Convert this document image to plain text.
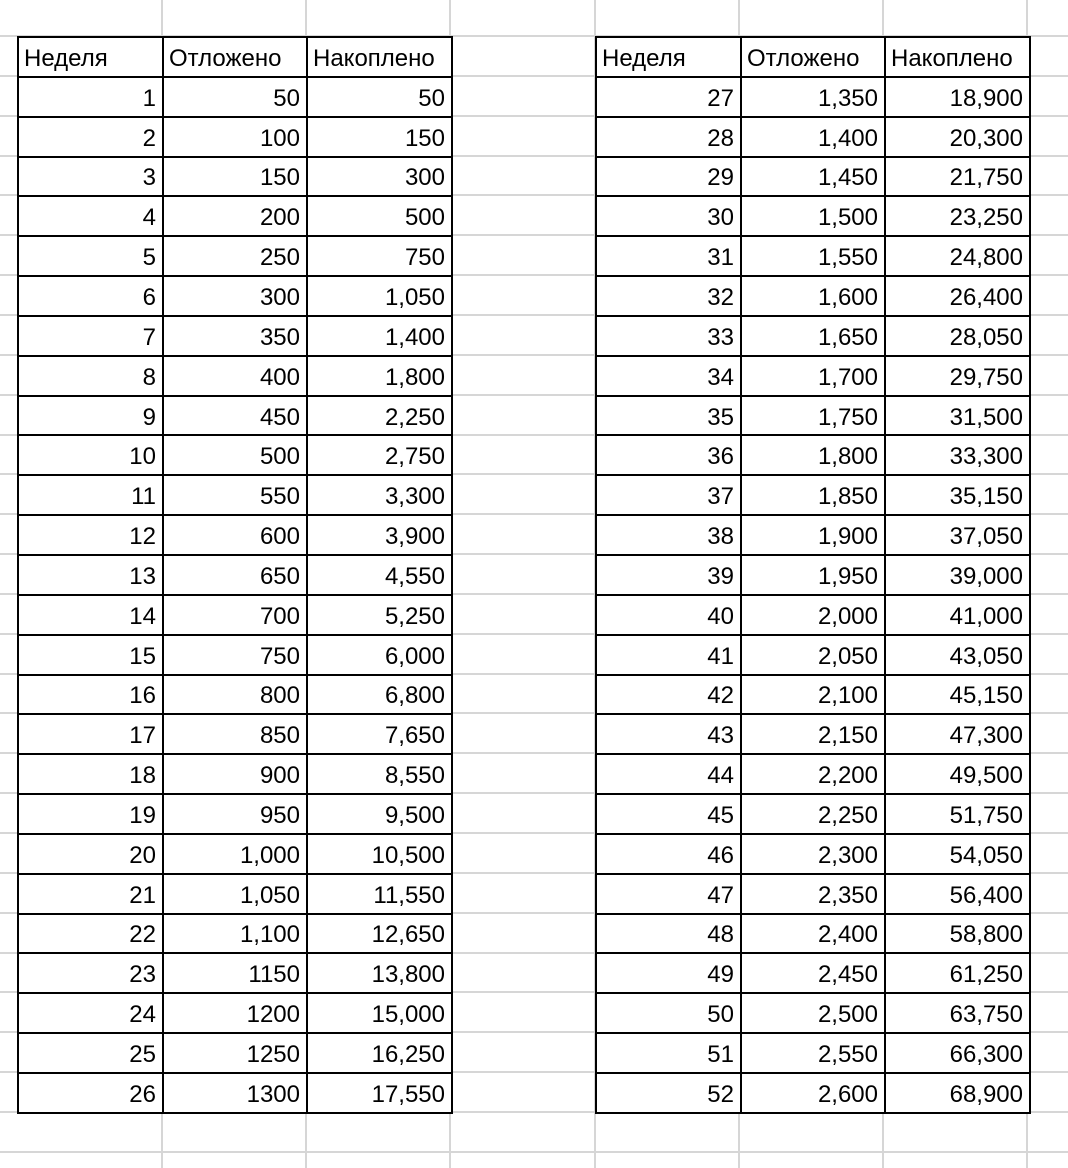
Неделя	Отложено	Накоплено
1	50	50
2	100	150
3	150	300
4	200	500
5	250	750
6	300	1,050
7	350	1,400
8	400	1,800
9	450	2,250
10	500	2,750
11	550	3,300
12	600	3,900
13	650	4,550
14	700	5,250
15	750	6,000
16	800	6,800
17	850	7,650
18	900	8,550
19	950	9,500
20	1,000	10,500
21	1,050	11,550
22	1,100	12,650
23	1150	13,800
24	1200	15,000
25	1250	16,250
26	1300	17,550
Неделя	Отложено	Накоплено
27	1,350	18,900
28	1,400	20,300
29	1,450	21,750
30	1,500	23,250
31	1,550	24,800
32	1,600	26,400
33	1,650	28,050
34	1,700	29,750
35	1,750	31,500
36	1,800	33,300
37	1,850	35,150
38	1,900	37,050
39	1,950	39,000
40	2,000	41,000
41	2,050	43,050
42	2,100	45,150
43	2,150	47,300
44	2,200	49,500
45	2,250	51,750
46	2,300	54,050
47	2,350	56,400
48	2,400	58,800
49	2,450	61,250
50	2,500	63,750
51	2,550	66,300
52	2,600	68,900
